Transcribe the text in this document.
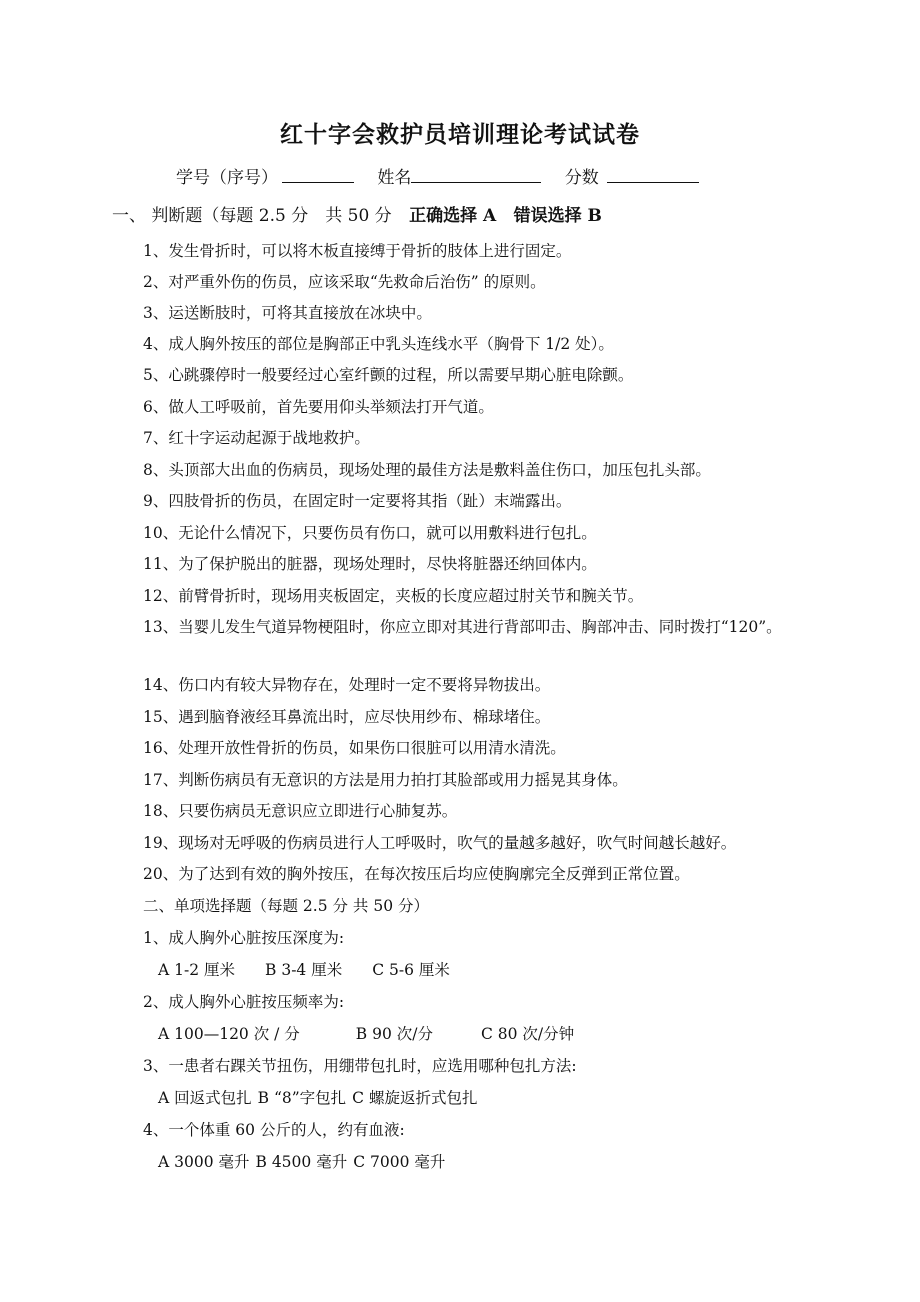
红十字会救护员培训理论考试试卷
学号（序号）	姓名	分数
一、 判断题（每题 2.5 分　共 50 分 正确选择 A 错误选择 B
1、发生骨折时，可以将木板直接缚于骨折的肢体上进行固定。
2、对严重外伤的伤员，应该采取“先救命后治伤” 的原则。
3、运送断肢时，可将其直接放在冰块中。
4、成人胸外按压的部位是胸部正中乳头连线水平（胸骨下 1/2 处）。
5、心跳骤停时一般要经过心室纤颤的过程，所以需要早期心脏电除颤。
6、做人工呼吸前，首先要用仰头举颏法打开气道。
7、红十字运动起源于战地救护。
8、头顶部大出血的伤病员，现场处理的最佳方法是敷料盖住伤口，加压包扎头部。
9、四肢骨折的伤员，在固定时一定要将其指（趾）末端露出。
10、无论什么情况下，只要伤员有伤口，就可以用敷料进行包扎。
11、为了保护脱出的脏器，现场处理时，尽快将脏器还纳回体内。
12、前臂骨折时，现场用夹板固定，夹板的长度应超过肘关节和腕关节。
13、当婴儿发生气道异物梗阻时，你应立即对其进行背部叩击、胸部冲击、同时拨打“120”。
14、伤口内有较大异物存在，处理时一定不要将异物拔出。
15、遇到脑脊液经耳鼻流出时，应尽快用纱布、棉球堵住。
16、处理开放性骨折的伤员，如果伤口很脏可以用清水清洗。
17、判断伤病员有无意识的方法是用力拍打其脸部或用力摇晃其身体。
18、只要伤病员无意识应立即进行心肺复苏。
19、现场对无呼吸的伤病员进行人工呼吸时，吹气的量越多越好，吹气时间越长越好。
20、为了达到有效的胸外按压，在每次按压后均应使胸廓完全反弹到正常位置。
二、单项选择题（每题 2.5 分 共 50 分）
1、成人胸外心脏按压深度为:
A 1-2 厘米 B 3-4 厘米 C 5-6 厘米
2、成人胸外心脏按压频率为:
A 100—120 次 / 分	B 90 次/分	C 80 次/分钟
3、一患者右踝关节扭伤，用绷带包扎时，应选用哪种包扎方法:
A 回返式包扎 B “8”字包扎 C 螺旋返折式包扎
4、一个体重 60 公斤的人，约有血液:
A 3000 毫升 B 4500 毫升 C 7000 毫升
